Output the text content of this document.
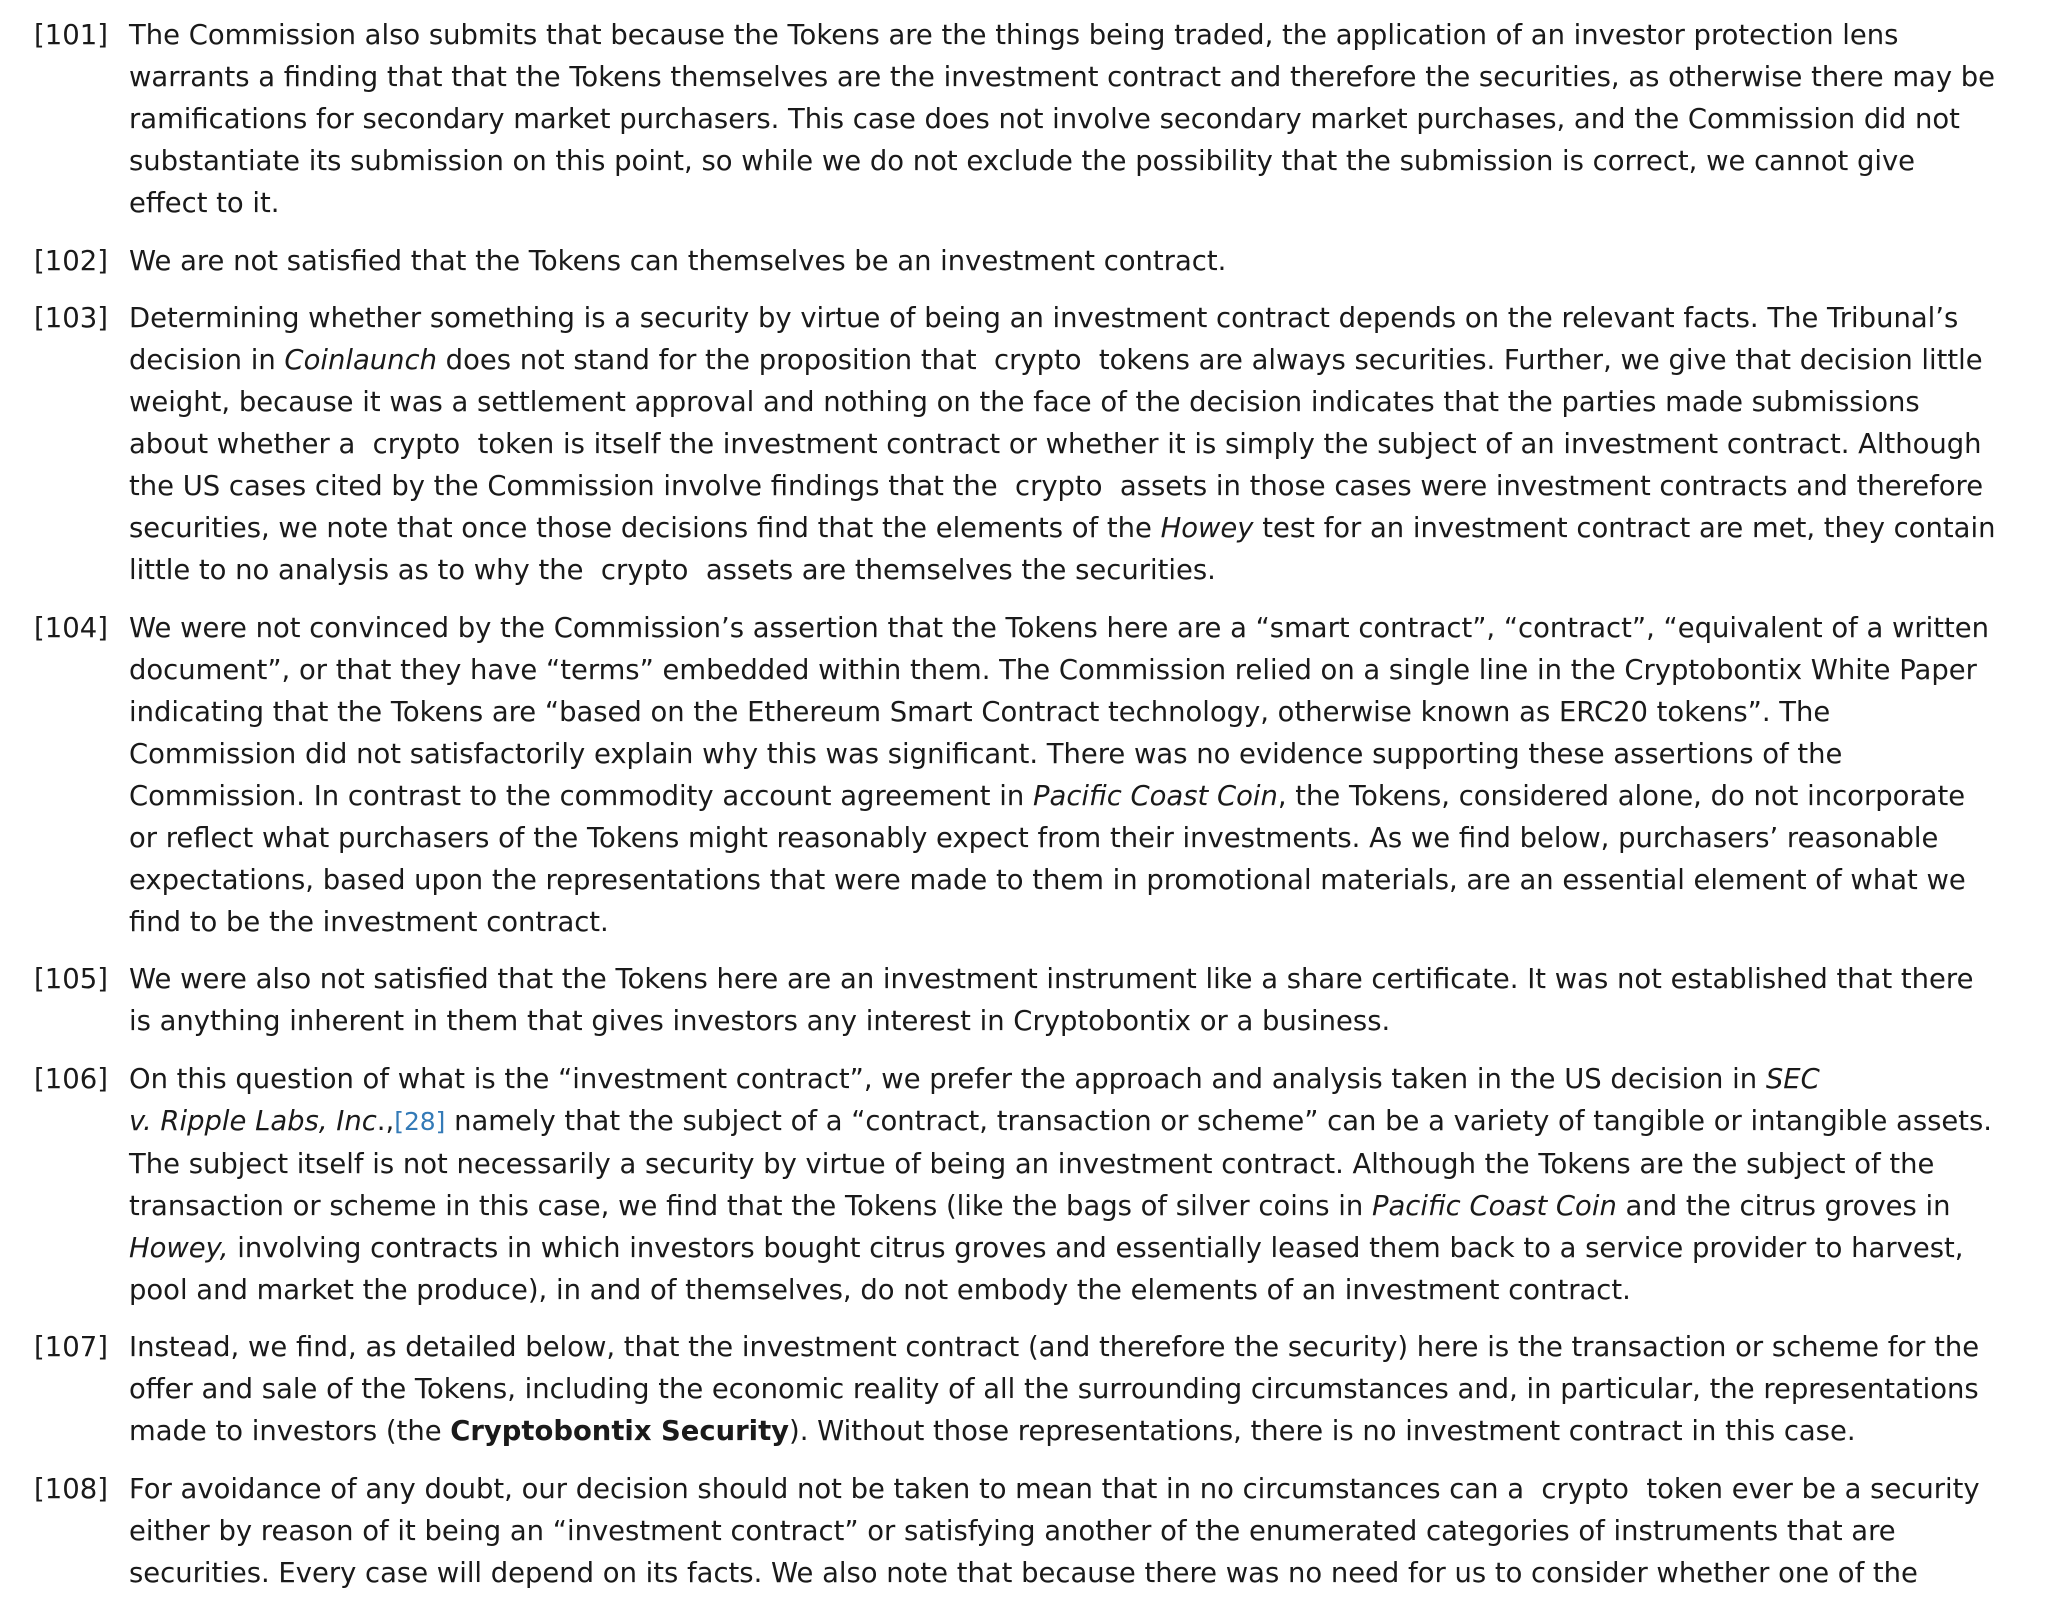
[101] The Commission also submits that because the Tokens are the things being traded, the application of an investor protection lens
warrants a finding that that the Tokens themselves are the investment contract and therefore the securities, as otherwise there may be
ramifications for secondary market purchasers. This case does not involve secondary market purchases, and the Commission did not
substantiate its submission on this point, so while we do not exclude the possibility that the submission is correct, we cannot give
effect to it.
[102] We are not satisfied that the Tokens can themselves be an investment contract.
[103] Determining whether something is a security by virtue of being an investment contract depends on the relevant facts. The Tribunal’s
decision in Coinlaunch does not stand for the proposition that  crypto  tokens are always securities. Further, we give that decision little
weight, because it was a settlement approval and nothing on the face of the decision indicates that the parties made submissions
about whether a  crypto  token is itself the investment contract or whether it is simply the subject of an investment contract. Although
the US cases cited by the Commission involve findings that the  crypto  assets in those cases were investment contracts and therefore
securities, we note that once those decisions find that the elements of the Howey test for an investment contract are met, they contain
little to no analysis as to why the  crypto  assets are themselves the securities.
[104] We were not convinced by the Commission’s assertion that the Tokens here are a “smart contract”, “contract”, “equivalent of a written
document”, or that they have “terms” embedded within them. The Commission relied on a single line in the Cryptobontix White Paper
indicating that the Tokens are “based on the Ethereum Smart Contract technology, otherwise known as ERC20 tokens”. The
Commission did not satisfactorily explain why this was significant. There was no evidence supporting these assertions of the
Commission. In contrast to the commodity account agreement in Pacific Coast Coin, the Tokens, considered alone, do not incorporate
or reflect what purchasers of the Tokens might reasonably expect from their investments. As we find below, purchasers’ reasonable
expectations, based upon the representations that were made to them in promotional materials, are an essential element of what we
find to be the investment contract.
[105] We were also not satisfied that the Tokens here are an investment instrument like a share certificate. It was not established that there
is anything inherent in them that gives investors any interest in Cryptobontix or a business.
[106] On this question of what is the “investment contract”, we prefer the approach and analysis taken in the US decision in SEC
v. Ripple Labs, Inc.,[28] namely that the subject of a “contract, transaction or scheme” can be a variety of tangible or intangible assets.
The subject itself is not necessarily a security by virtue of being an investment contract. Although the Tokens are the subject of the
transaction or scheme in this case, we find that the Tokens (like the bags of silver coins in Pacific Coast Coin and the citrus groves in
Howey, involving contracts in which investors bought citrus groves and essentially leased them back to a service provider to harvest,
pool and market the produce), in and of themselves, do not embody the elements of an investment contract.
[107] Instead, we find, as detailed below, that the investment contract (and therefore the security) here is the transaction or scheme for the
offer and sale of the Tokens, including the economic reality of all the surrounding circumstances and, in particular, the representations
made to investors (the Cryptobontix Security). Without those representations, there is no investment contract in this case.
[108] For avoidance of any doubt, our decision should not be taken to mean that in no circumstances can a  crypto  token ever be a security
either by reason of it being an “investment contract” or satisfying another of the enumerated categories of instruments that are
securities. Every case will depend on its facts. We also note that because there was no need for us to consider whether one of the
